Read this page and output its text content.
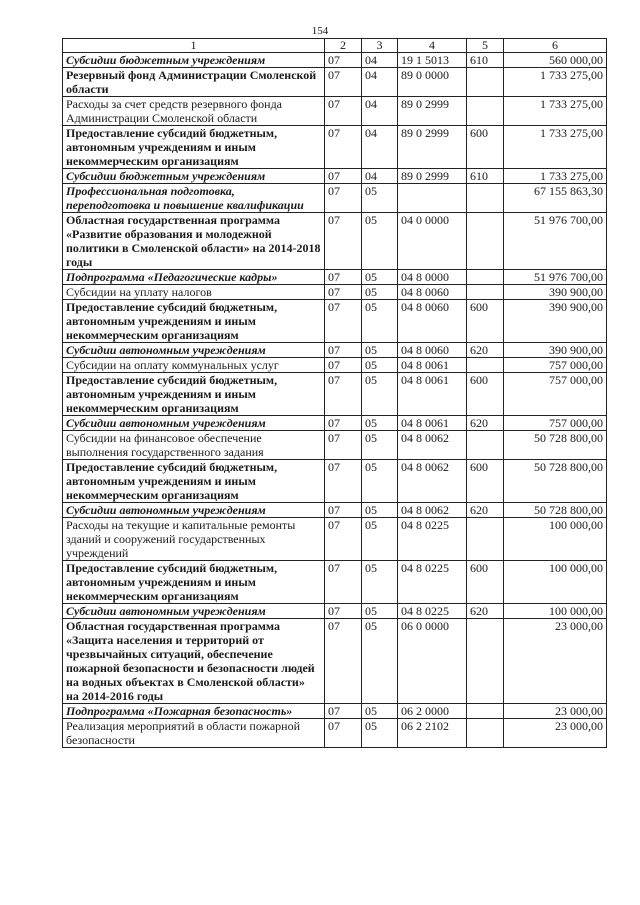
154
1	2	3	4	5	6
Субсидии бюджетным учреждениям	07	04	19 1 5013	610	560 000,00
Резервный фонд Администрации Смоленской области	07	04	89 0 0000		1 733 275,00
Расходы за счет средств резервного фонда Администрации Смоленской области	07	04	89 0 2999		1 733 275,00
Предоставление субсидий бюджетным, автономным учреждениям и иным некоммерческим организациям	07	04	89 0 2999	600	1 733 275,00
Субсидии бюджетным учреждениям	07	04	89 0 2999	610	1 733 275,00
Профессиональная подготовка, переподготовка и повышение квалификации	07	05			67 155 863,30
Областная государственная программа «Развитие образования и молодежной политики в Смоленской области» на 2014-2018 годы	07	05	04 0 0000		51 976 700,00
Подпрограмма «Педагогические кадры»	07	05	04 8 0000		51 976 700,00
Субсидии на уплату налогов	07	05	04 8 0060		390 900,00
Предоставление субсидий бюджетным, автономным учреждениям и иным некоммерческим организациям	07	05	04 8 0060	600	390 900,00
Субсидии автономным учреждениям	07	05	04 8 0060	620	390 900,00
Субсидии на оплату коммунальных услуг	07	05	04 8 0061		757 000,00
Предоставление субсидий бюджетным, автономным учреждениям и иным некоммерческим организациям	07	05	04 8 0061	600	757 000,00
Субсидии автономным учреждениям	07	05	04 8 0061	620	757 000,00
Субсидии на финансовое обеспечение выполнения государственного задания	07	05	04 8 0062		50 728 800,00
Предоставление субсидий бюджетным, автономным учреждениям и иным некоммерческим организациям	07	05	04 8 0062	600	50 728 800,00
Субсидии автономным учреждениям	07	05	04 8 0062	620	50 728 800,00
Расходы на текущие и капитальные ремонты зданий и сооружений государственных учреждений	07	05	04 8 0225		100 000,00
Предоставление субсидий бюджетным, автономным учреждениям и иным некоммерческим организациям	07	05	04 8 0225	600	100 000,00
Субсидии автономным учреждениям	07	05	04 8 0225	620	100 000,00
Областная государственная программа «Защита населения и территорий от чрезвычайных ситуаций, обеспечение пожарной безопасности и безопасности людей на водных объектах в Смоленской области»
на 2014-2016 годы	07	05	06 0 0000		23 000,00
Подпрограмма «Пожарная безопасность»	07	05	06 2 0000		23 000,00
Реализация мероприятий в области пожарной безопасности	07	05	06 2 2102		23 000,00
